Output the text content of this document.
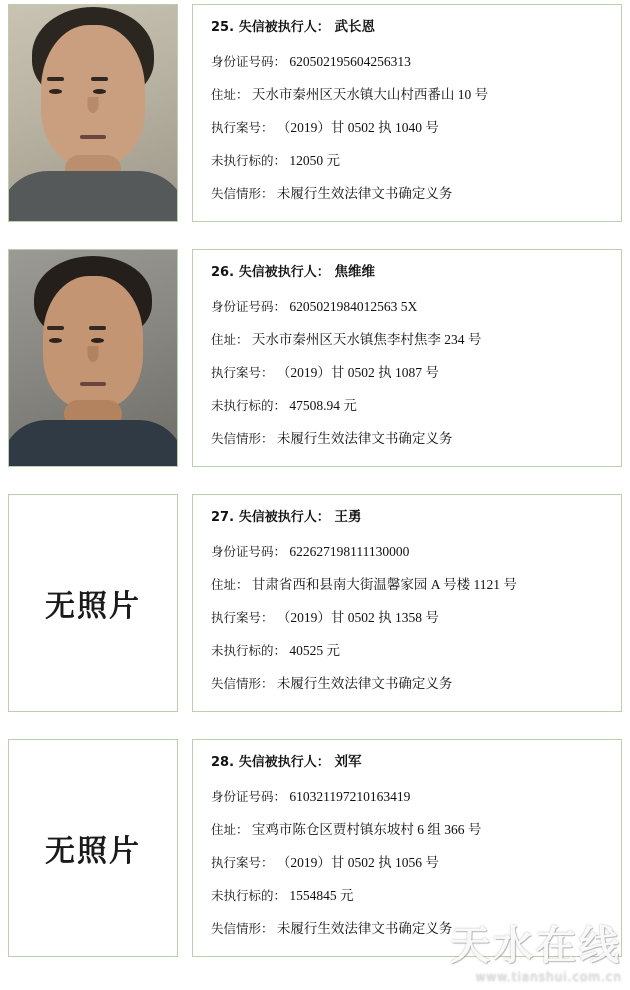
25. 失信被执行人： 武长恩
身份证号码： 620502195604256313
住址： 天水市秦州区天水镇大山村西番山 10 号
执行案号： （2019）甘 0502 执 1040 号
未执行标的： 12050 元
失信情形： 未履行生效法律文书确定义务
26. 失信被执行人： 焦维维
身份证号码： 6205021984012563 5X
住址： 天水市秦州区天水镇焦李村焦李 234 号
执行案号： （2019）甘 0502 执 1087 号
未执行标的： 47508.94 元
失信情形： 未履行生效法律文书确定义务
无照片
27. 失信被执行人： 王勇
身份证号码： 622627198111130000
住址： 甘肃省西和县南大街温馨家园 A 号楼 1121 号
执行案号： （2019）甘 0502 执 1358 号
未执行标的： 40525 元
失信情形： 未履行生效法律文书确定义务
无照片
28. 失信被执行人： 刘军
身份证号码： 610321197210163419
住址： 宝鸡市陈仓区贾村镇东坡村 6 组 366 号
执行案号： （2019）甘 0502 执 1056 号
未执行标的： 1554845 元
失信情形： 未履行生效法律文书确定义务
天水在线
www.tianshui.com.cn
